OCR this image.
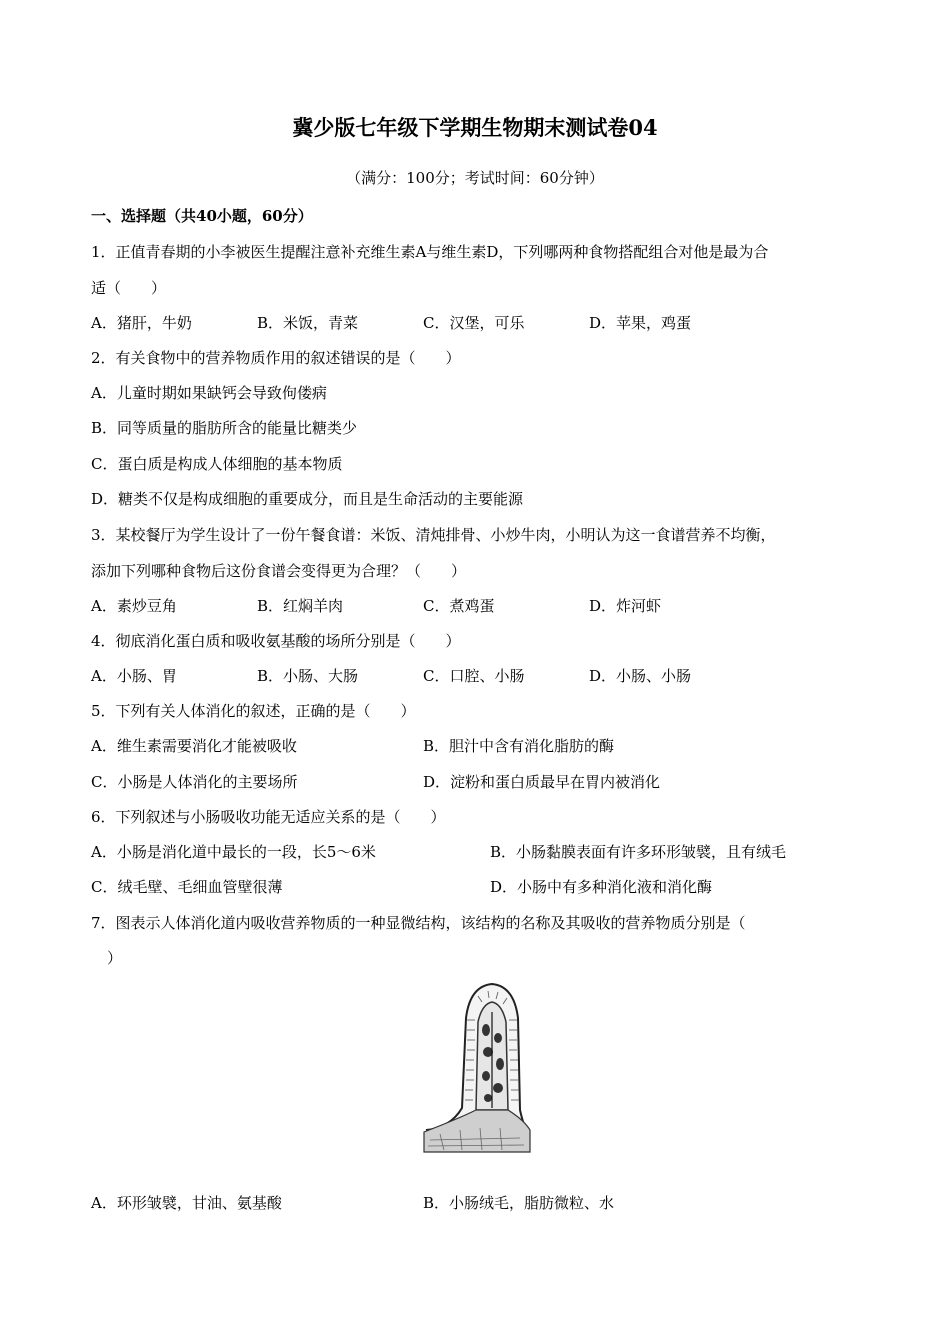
冀少版七年级下学期生物期末测试卷04
（满分：100分；考试时间：60分钟）
一、选择题（共40小题，60分）
1．正值青春期的小李被医生提醒注意补充维生素A与维生素D，下列哪两种食物搭配组合对他是最为合
适（　　）
A．猪肝，牛奶	B．米饭，青菜	C．汉堡，可乐	D．苹果，鸡蛋
2．有关食物中的营养物质作用的叙述错误的是（　　）
A．儿童时期如果缺钙会导致佝偻病
B．同等质量的脂肪所含的能量比糖类少
C．蛋白质是构成人体细胞的基本物质
D．糖类不仅是构成细胞的重要成分，而且是生命活动的主要能源
3．某校餐厅为学生设计了一份午餐食谱：米饭、清炖排骨、小炒牛肉，小明认为这一食谱营养不均衡，
添加下列哪种食物后这份食谱会变得更为合理？（　　）
A．素炒豆角	B．红焖羊肉	C．煮鸡蛋	D．炸河虾
4．彻底消化蛋白质和吸收氨基酸的场所分别是（　　）
A．小肠、胃	B．小肠、大肠	C．口腔、小肠	D．小肠、小肠
5．下列有关人体消化的叙述，正确的是（　　）
A．维生素需要消化才能被吸收	B．胆汁中含有消化脂肪的酶
C．小肠是人体消化的主要场所	D．淀粉和蛋白质最早在胃内被消化
6．下列叙述与小肠吸收功能无适应关系的是（　　）
A．小肠是消化道中最长的一段，长5～6米	B．小肠黏膜表面有许多环形皱襞，且有绒毛
C．绒毛壁、毛细血管壁很薄	D．小肠中有多种消化液和消化酶
7．图表示人体消化道内吸收营养物质的一种显微结构，该结构的名称及其吸收的营养物质分别是（
）
A．环形皱襞，甘油、氨基酸	B．小肠绒毛，脂肪微粒、水
